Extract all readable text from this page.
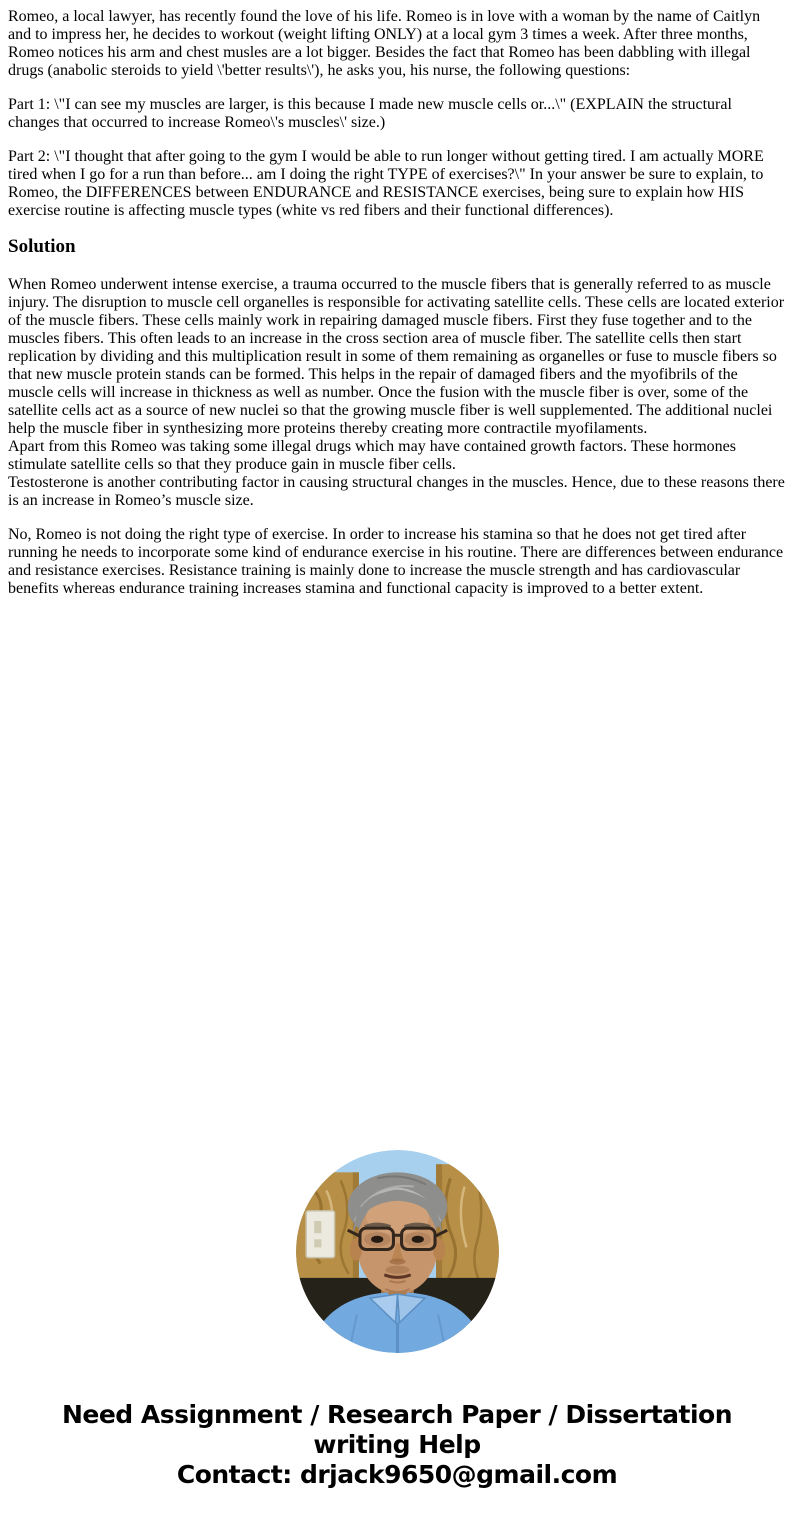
Romeo, a local lawyer, has recently found the love of his life. Romeo is in love with a woman by the name of Caitlyn and to impress her, he decides to workout (weight lifting ONLY) at a local gym 3 times a week. After three months, Romeo notices his arm and chest musles are a lot bigger. Besides the fact that Romeo has been dabbling with illegal drugs (anabolic steroids to yield \'better results\'), he asks you, his nurse, the following questions:

Part 1: \"I can see my muscles are larger, is this because I made new muscle cells or...\" (EXPLAIN the structural changes that occurred to increase Romeo\'s muscles\' size.)

Part 2: \"I thought that after going to the gym I would be able to run longer without getting tired. I am actually MORE tired when I go for a run than before... am I doing the right TYPE of exercises?\" In your answer be sure to explain, to Romeo, the DIFFERENCES between ENDURANCE and RESISTANCE exercises, being sure to explain how HIS exercise routine is affecting muscle types (white vs red fibers and their functional differences).

Solution

When Romeo underwent intense exercise, a trauma occurred to the muscle fibers that is generally referred to as muscle injury. The disruption to muscle cell organelles is responsible for activating satellite cells. These cells are located exterior of the muscle fibers. These cells mainly work in repairing damaged muscle fibers. First they fuse together and to the muscles fibers. This often leads to an increase in the cross section area of muscle fiber. The satellite cells then start replication by dividing and this multiplication result in some of them remaining as organelles or fuse to muscle fibers so that new muscle protein stands can be formed. This helps in the repair of damaged fibers and the myofibrils of the muscle cells will increase in thickness as well as number. Once the fusion with the muscle fiber is over, some of the satellite cells act as a source of new nuclei so that the growing muscle fiber is well supplemented. The additional nuclei help the muscle fiber in synthesizing more proteins thereby creating more contractile myofilaments.

Apart from this Romeo was taking some illegal drugs which may have contained growth factors. These hormones stimulate satellite cells so that they produce gain in muscle fiber cells.

Testosterone is another contributing factor in causing structural changes in the muscles. Hence, due to these reasons there is an increase in Romeo’s muscle size.

No, Romeo is not doing the right type of exercise. In order to increase his stamina so that he does not get tired after running he needs to incorporate some kind of endurance exercise in his routine. There are differences between endurance and resistance exercises. Resistance training is mainly done to increase the muscle strength and has cardiovascular benefits whereas endurance training increases stamina and functional capacity is improved to a better extent.

Need Assignment / Research Paper / Dissertation
writing Help
Contact: drjack9650@gmail.com
